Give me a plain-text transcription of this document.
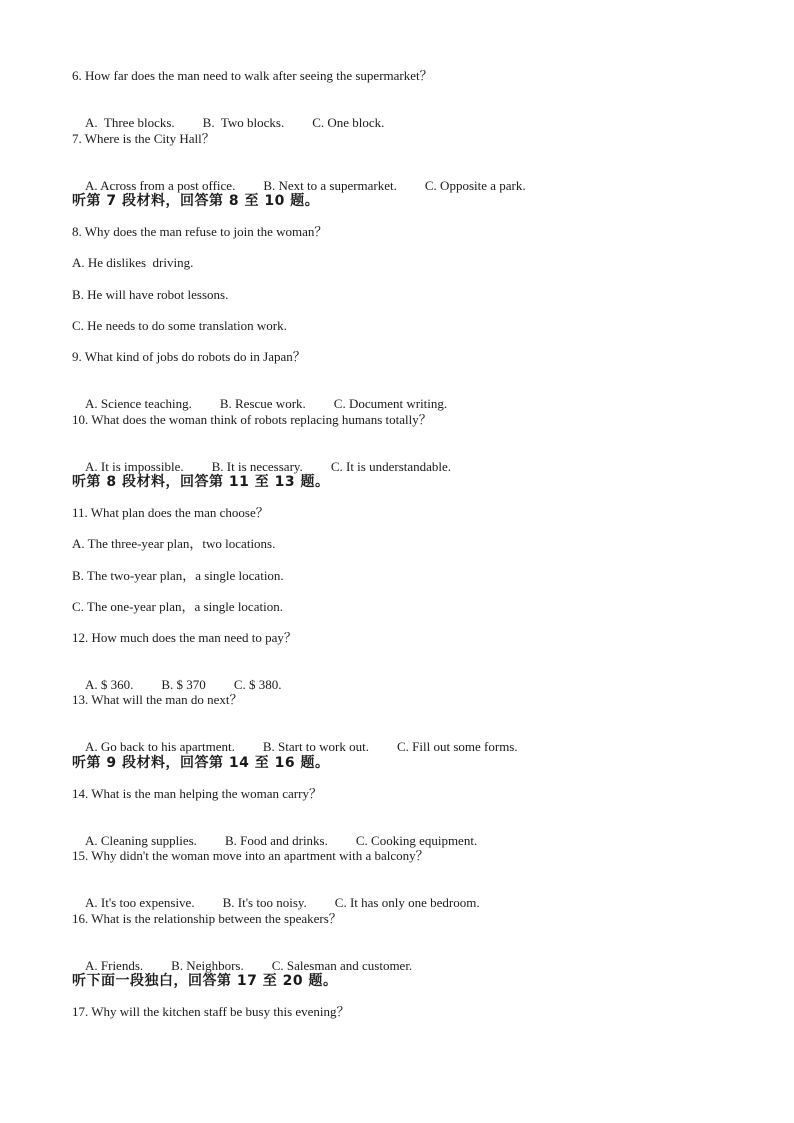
6. How far does the man need to walk after seeing the supermarket？

A.  Three blocks. B.  Two blocks. C. One block.

7. Where is the City Hall？

A. Across from a post office. B. Next to a supermarket. C. Opposite a park.

听第 7 段材料，回答第 8 至 10 题。
8. Why does the man refuse to join the woman？
A. He dislikes  driving.
B. He will have robot lessons.
C. He needs to do some translation work.
9. What kind of jobs do robots do in Japan？

A. Science teaching. B. Rescue work. C. Document writing.

10. What does the woman think of robots replacing humans totally？

A. It is impossible. B. It is necessary. C. It is understandable.

听第 8 段材料，回答第 11 至 13 题。
11. What plan does the man choose？
A. The three-year plan，two locations.
B. The two-year plan，a single location.
C. The one-year plan，a single location.
12. How much does the man need to pay？

A. $ 360. B. $ 370 C. $ 380.

13. What will the man do next？

A. Go back to his apartment. B. Start to work out. C. Fill out some forms.

听第 9 段材料，回答第 14 至 16 题。
14. What is the man helping the woman carry？

A. Cleaning supplies. B. Food and drinks. C. Cooking equipment.

15. Why didn't the woman move into an apartment with a balcony？

A. It's too expensive. B. It's too noisy. C. It has only one bedroom.

16. What is the relationship between the speakers？

A. Friends. B. Neighbors. C. Salesman and customer.

听下面一段独白，回答第 17 至 20 题。
17. Why will the kitchen staff be busy this evening？
